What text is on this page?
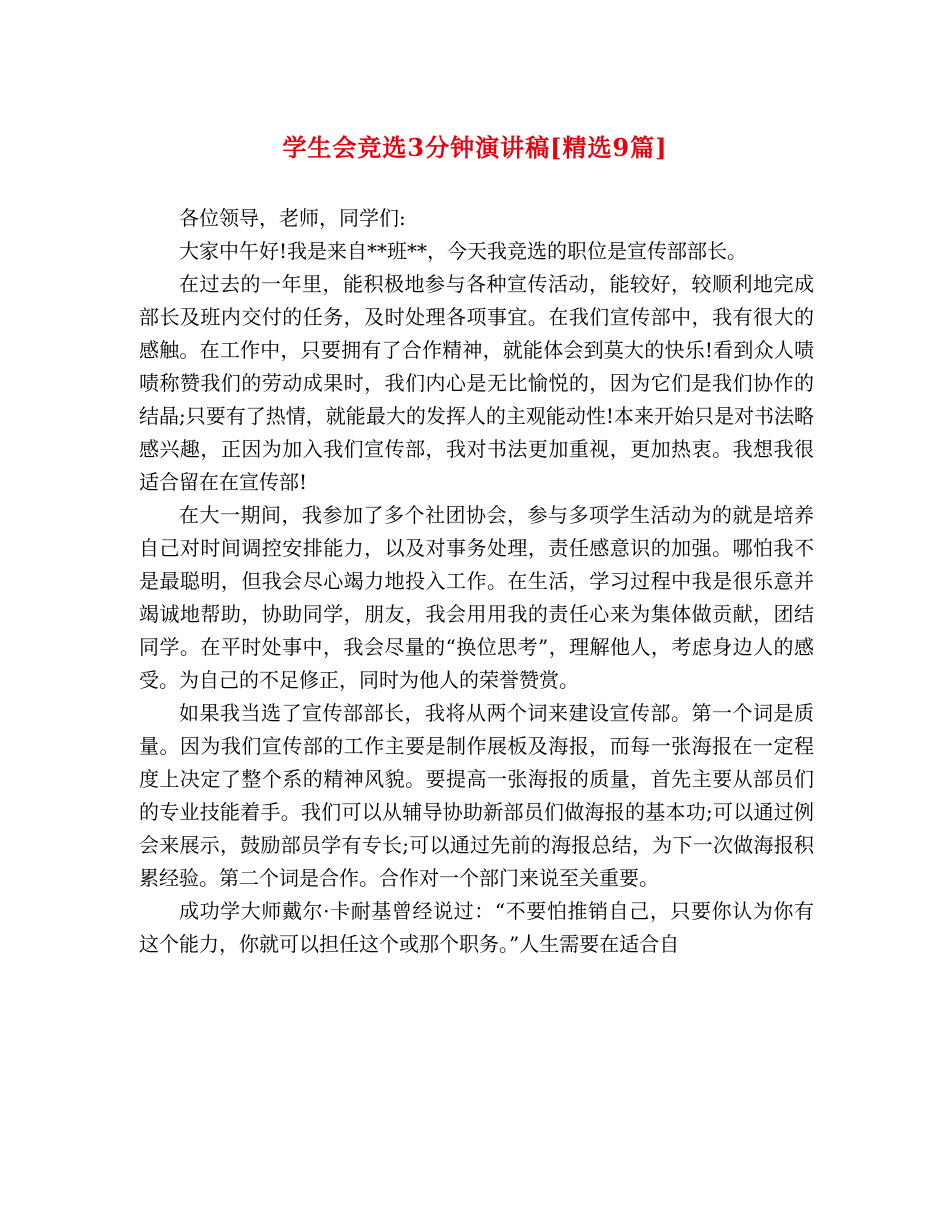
学生会竞选3分钟演讲稿[精选9篇]

各位领导，老师，同学们:

大家中午好!我是来自**班**，今天我竞选的职位是宣传部部长。

在过去的一年里，能积极地参与各种宣传活动，能较好，较顺利地完成部长及班内交付的任务，及时处理各项事宜。在我们宣传部中，我有很大的感触。在工作中，只要拥有了合作精神，就能体会到莫大的快乐!看到众人啧啧称赞我们的劳动成果时，我们内心是无比愉悦的，因为它们是我们协作的结晶;只要有了热情，就能最大的发挥人的主观能动性!本来开始只是对书法略感兴趣，正因为加入我们宣传部，我对书法更加重视，更加热衷。我想我很适合留在在宣传部!

在大一期间，我参加了多个社团协会，参与多项学生活动为的就是培养自己对时间调控安排能力，以及对事务处理，责任感意识的加强。哪怕我不是最聪明，但我会尽心竭力地投入工作。在生活，学习过程中我是很乐意并竭诚地帮助，协助同学，朋友，我会用用我的责任心来为集体做贡献，团结同学。在平时处事中，我会尽量的“换位思考”，理解他人，考虑身边人的感受。为自己的不足修正，同时为他人的荣誉赞赏。

如果我当选了宣传部部长，我将从两个词来建设宣传部。第一个词是质量。因为我们宣传部的工作主要是制作展板及海报，而每一张海报在一定程度上决定了整个系的精神风貌。要提高一张海报的质量，首先主要从部员们的专业技能着手。我们可以从辅导协助新部员们做海报的基本功;可以通过例会来展示，鼓励部员学有专长;可以通过先前的海报总结，为下一次做海报积累经验。第二个词是合作。合作对一个部门来说至关重要。

成功学大师戴尔·卡耐基曾经说过：“不要怕推销自己，只要你认为你有这个能力，你就可以担任这个或那个职务。”人生需要在适合自
